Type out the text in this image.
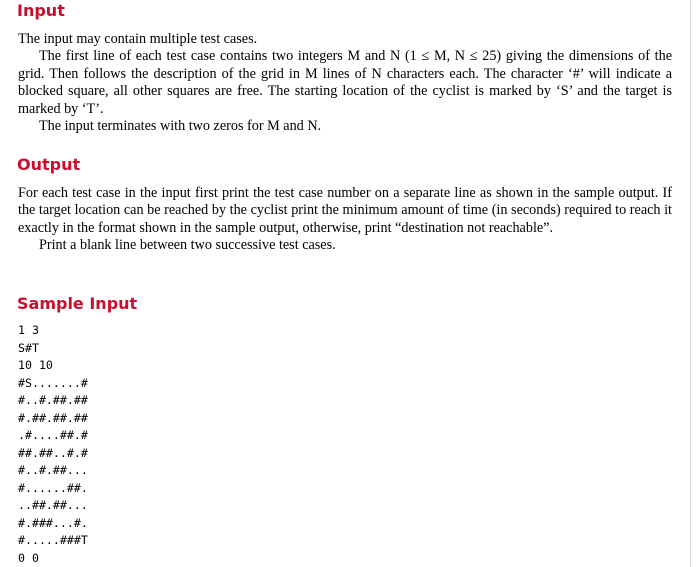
Input

The input may contain multiple test cases.

The first line of each test case contains two integers M and N (1 ≤ M, N ≤ 25) giving the dimensions of the grid. Then follows the description of the grid in M lines of N characters each. The character ‘#’ will indicate a blocked square, all other squares are free. The starting location of the cyclist is marked by ‘S’ and the target is marked by ‘T’.

The input terminates with two zeros for M and N.

Output

For each test case in the input first print the test case number on a separate line as shown in the sample output. If the target location can be reached by the cyclist print the minimum amount of time (in seconds) required to reach it exactly in the format shown in the sample output, otherwise, print “destination not reachable”.

Print a blank line between two successive test cases.

Sample Input
1 3
S#T
10 10
#S.......#
#..#.##.##
#.##.##.##
.#....##.#
##.##..#.#
#..#.##...
#......##.
..##.##...
#.###...#.
#.....###T
0 0
